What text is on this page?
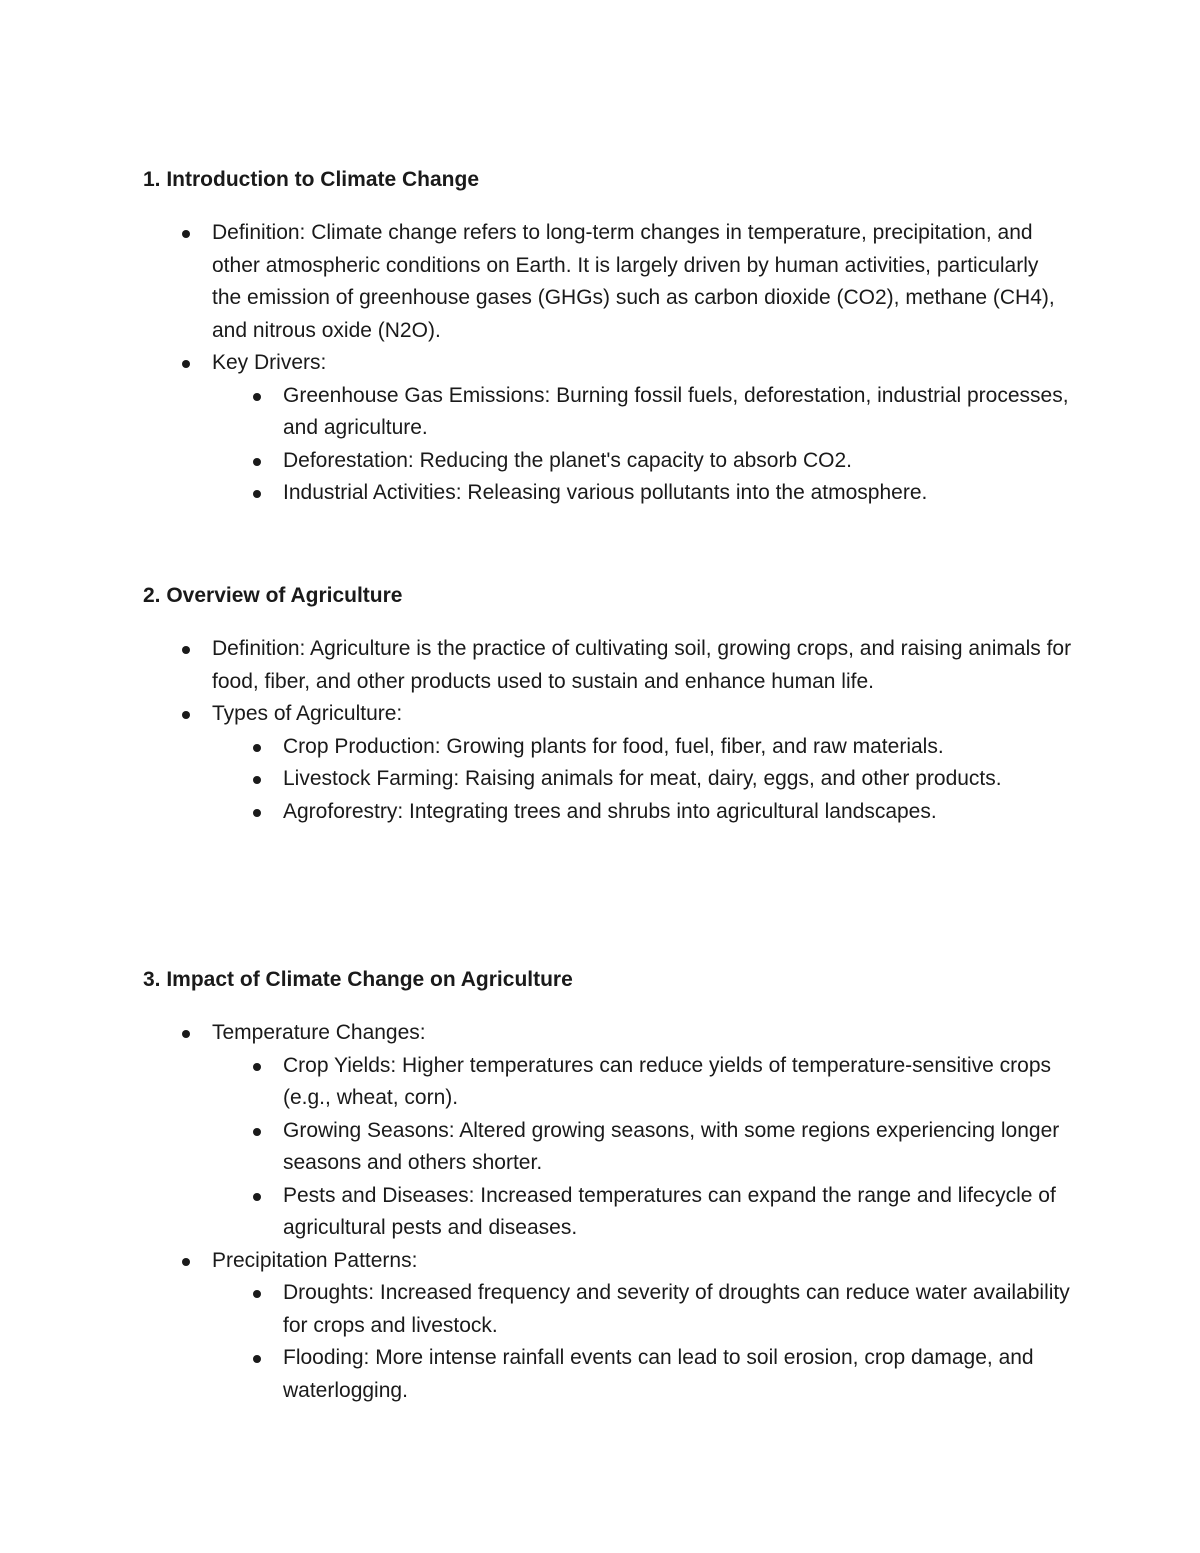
1. Introduction to Climate Change
Definition: Climate change refers to long-term changes in temperature, precipitation, and other atmospheric conditions on Earth. It is largely driven by human activities, particularly the emission of greenhouse gases (GHGs) such as carbon dioxide (CO2), methane (CH4), and nitrous oxide (N2O).
Key Drivers:
Greenhouse Gas Emissions: Burning fossil fuels, deforestation, industrial processes, and agriculture.
Deforestation: Reducing the planet's capacity to absorb CO2.
Industrial Activities: Releasing various pollutants into the atmosphere.
2. Overview of Agriculture
Definition: Agriculture is the practice of cultivating soil, growing crops, and raising animals for food, fiber, and other products used to sustain and enhance human life.
Types of Agriculture:
Crop Production: Growing plants for food, fuel, fiber, and raw materials.
Livestock Farming: Raising animals for meat, dairy, eggs, and other products.
Agroforestry: Integrating trees and shrubs into agricultural landscapes.
3. Impact of Climate Change on Agriculture
Temperature Changes:
Crop Yields: Higher temperatures can reduce yields of temperature-sensitive crops (e.g., wheat, corn).
Growing Seasons: Altered growing seasons, with some regions experiencing longer seasons and others shorter.
Pests and Diseases: Increased temperatures can expand the range and lifecycle of agricultural pests and diseases.
Precipitation Patterns:
Droughts: Increased frequency and severity of droughts can reduce water availability for crops and livestock.
Flooding: More intense rainfall events can lead to soil erosion, crop damage, and waterlogging.
